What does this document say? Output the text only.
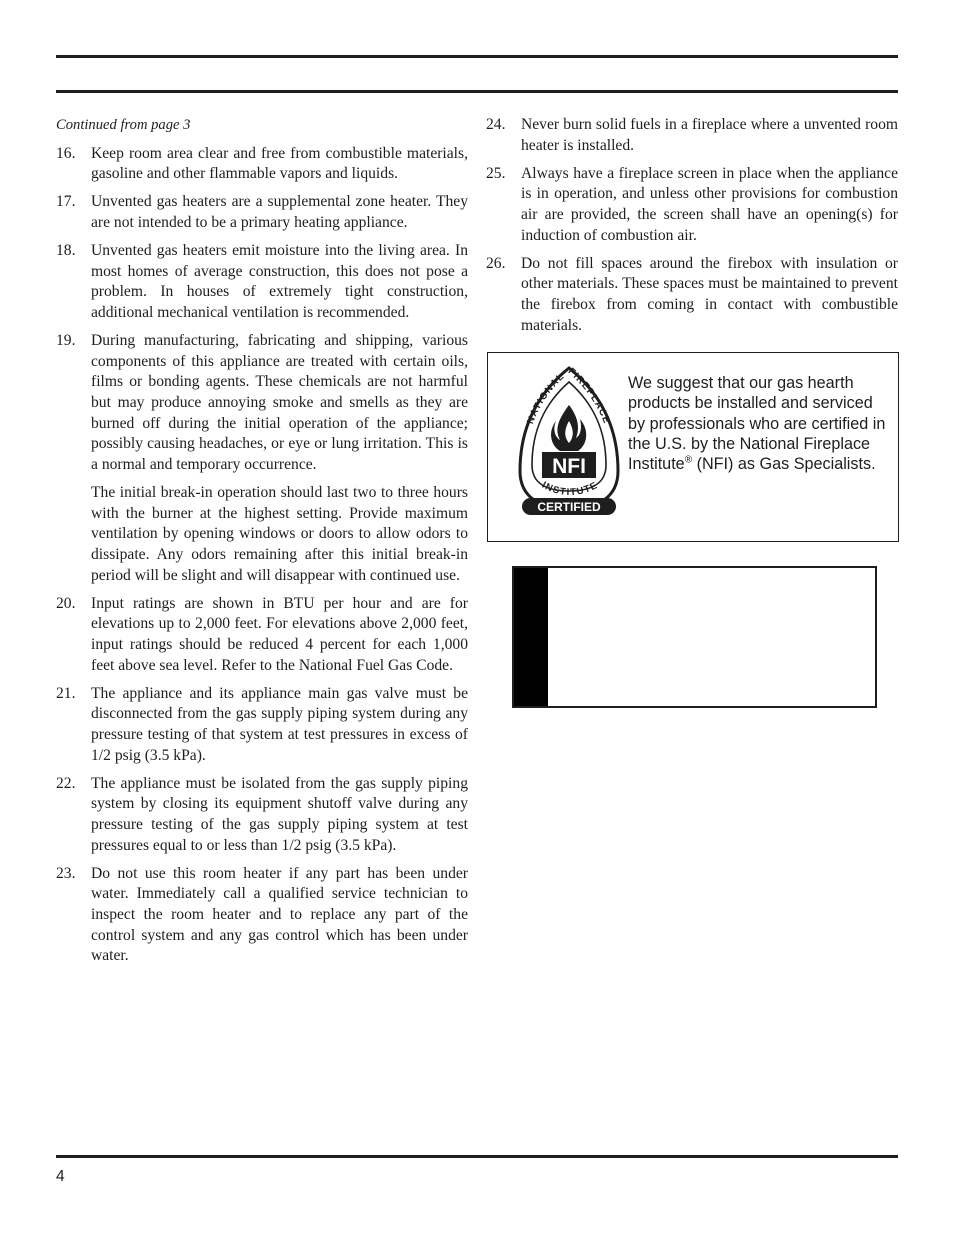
Continued from page 3
16. Keep room area clear and free from combustible materials, gasoline and other flammable vapors and liquids.

17. Unvented gas heaters are a supplemental zone heater. They are not intended to be a primary heating appliance.

18. Unvented gas heaters emit moisture into the living area. In most homes of average construction, this does not pose a problem. In houses of extremely tight construction, additional mechanical ventilation is recommended.

19. During manufacturing, fabricating and shipping, various components of this appliance are treated with certain oils, films or bonding agents. These chemicals are not harmful but may produce annoying smoke and smells as they are burned off during the initial operation of the appliance; possibly causing headaches, or eye or lung irritation. This is a normal and temporary occurrence.

The initial break-in operation should last two to three hours with the burner at the highest setting. Provide maximum ventilation by opening windows or doors to allow odors to dissipate. Any odors remaining after this initial break-in period will be slight and will disappear with continued use.

20. Input ratings are shown in BTU per hour and are for elevations up to 2,000 feet. For elevations above 2,000 feet, input ratings should be reduced 4 percent for each 1,000 feet above sea level. Refer to the National Fuel Gas Code.

21. The appliance and its appliance main gas valve must be disconnected from the gas supply piping system during any pressure testing of that system at test pressures in excess of 1/2 psig (3.5 kPa).

22. The appliance must be isolated from the gas supply piping system by closing its equipment shutoff valve during any pressure testing of the gas supply piping system at test pressures equal to or less than 1/2 psig (3.5 kPa).

23. Do not use this room heater if any part has been under water. Immediately call a qualified service technician to inspect the room heater and to replace any part of the control system and any gas control which has been under water.

24. Never burn solid fuels in a fireplace where a unvented room heater is installed.

25. Always have a fireplace screen in place when the appliance is in operation, and unless other provisions for combustion air are provided, the screen shall have an opening(s) for induction of combustion air.

26. Do not fill spaces around the firebox with insulation or other materials. These spaces must be maintained to prevent the firebox from coming in contact with combustible materials.

NATIONAL FIREPLACE
NFI
INSTITUTE
CERTIFIED
We suggest that our gas hearth products be installed and serviced by professionals who are certified in the U.S. by the National Fireplace Institute® (NFI) as Gas Specialists.
4
